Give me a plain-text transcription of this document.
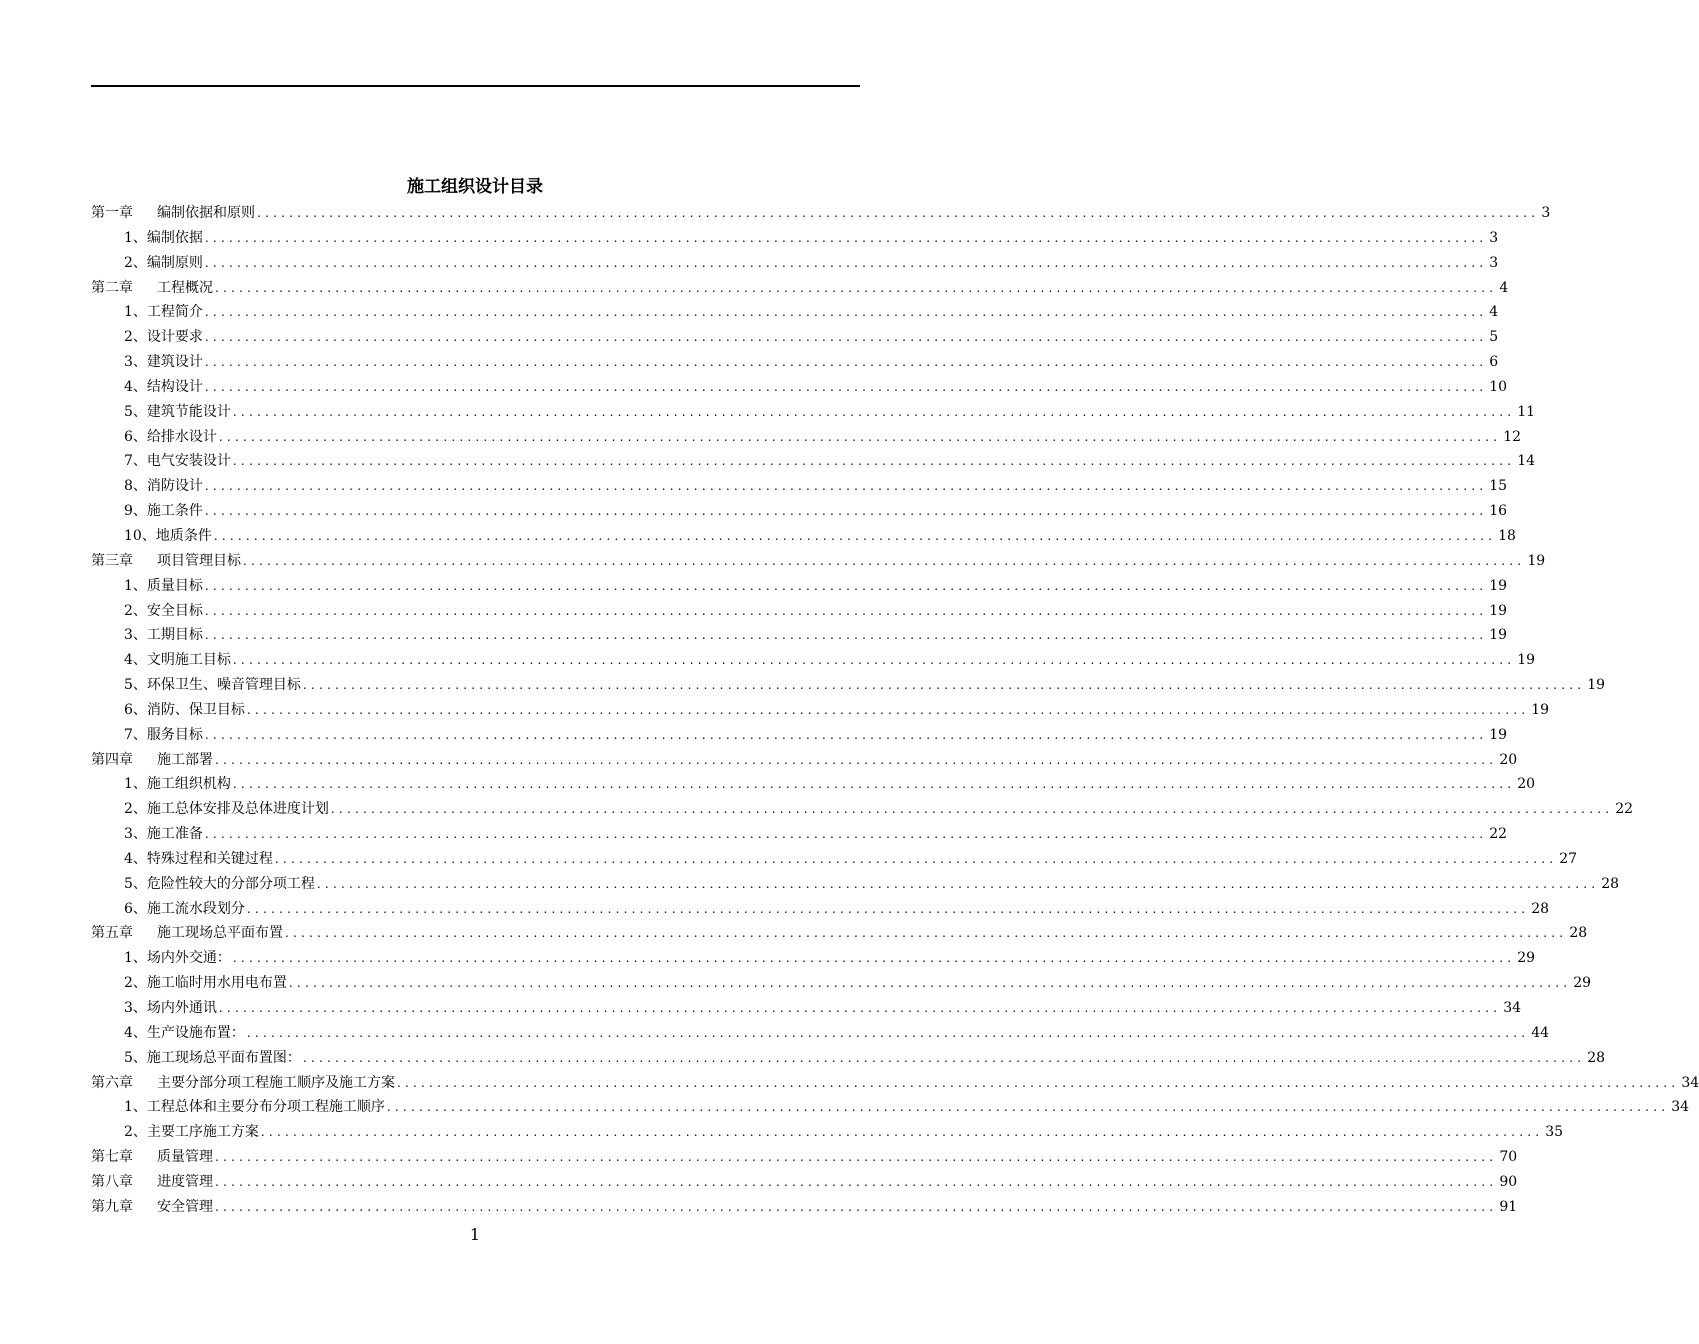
施工组织设计目录
第一章 编制依据和原则 ................................................................................................................................................................ 3
1、编制依据 ................................................................................................................................................................ 3
2、编制原则 ................................................................................................................................................................ 3
第二章 工程概况 ................................................................................................................................................................ 4
1、工程简介 ................................................................................................................................................................ 4
2、设计要求 ................................................................................................................................................................ 5
3、建筑设计 ................................................................................................................................................................ 6
4、结构设计 ................................................................................................................................................................ 10
5、建筑节能设计 ................................................................................................................................................................ 11
6、给排水设计 ................................................................................................................................................................ 12
7、电气安装设计 ................................................................................................................................................................ 14
8、消防设计 ................................................................................................................................................................ 15
9、施工条件 ................................................................................................................................................................ 16
10、地质条件 ................................................................................................................................................................ 18
第三章 项目管理目标 ................................................................................................................................................................ 19
1、质量目标 ................................................................................................................................................................ 19
2、安全目标 ................................................................................................................................................................ 19
3、工期目标 ................................................................................................................................................................ 19
4、文明施工目标 ................................................................................................................................................................ 19
5、环保卫生、噪音管理目标 ................................................................................................................................................................ 19
6、消防、保卫目标 ................................................................................................................................................................ 19
7、服务目标 ................................................................................................................................................................ 19
第四章 施工部署 ................................................................................................................................................................ 20
1、施工组织机构 ................................................................................................................................................................ 20
2、施工总体安排及总体进度计划 ................................................................................................................................................................ 22
3、施工准备 ................................................................................................................................................................ 22
4、特殊过程和关键过程 ................................................................................................................................................................ 27
5、危险性较大的分部分项工程 ................................................................................................................................................................ 28
6、施工流水段划分 ................................................................................................................................................................ 28
第五章 施工现场总平面布置 ................................................................................................................................................................ 28
1、场内外交通： ................................................................................................................................................................ 29
2、施工临时用水用电布置 ................................................................................................................................................................ 29
3、场内外通讯 ................................................................................................................................................................ 34
4、生产设施布置： ................................................................................................................................................................ 44
5、施工现场总平面布置图： ................................................................................................................................................................ 28
第六章 主要分部分项工程施工顺序及施工方案 ................................................................................................................................................................ 34
1、工程总体和主要分布分项工程施工顺序 ................................................................................................................................................................ 34
2、主要工序施工方案 ................................................................................................................................................................ 35
第七章 质量管理 ................................................................................................................................................................ 70
第八章 进度管理 ................................................................................................................................................................ 90
第九章 安全管理 ................................................................................................................................................................ 91
1
